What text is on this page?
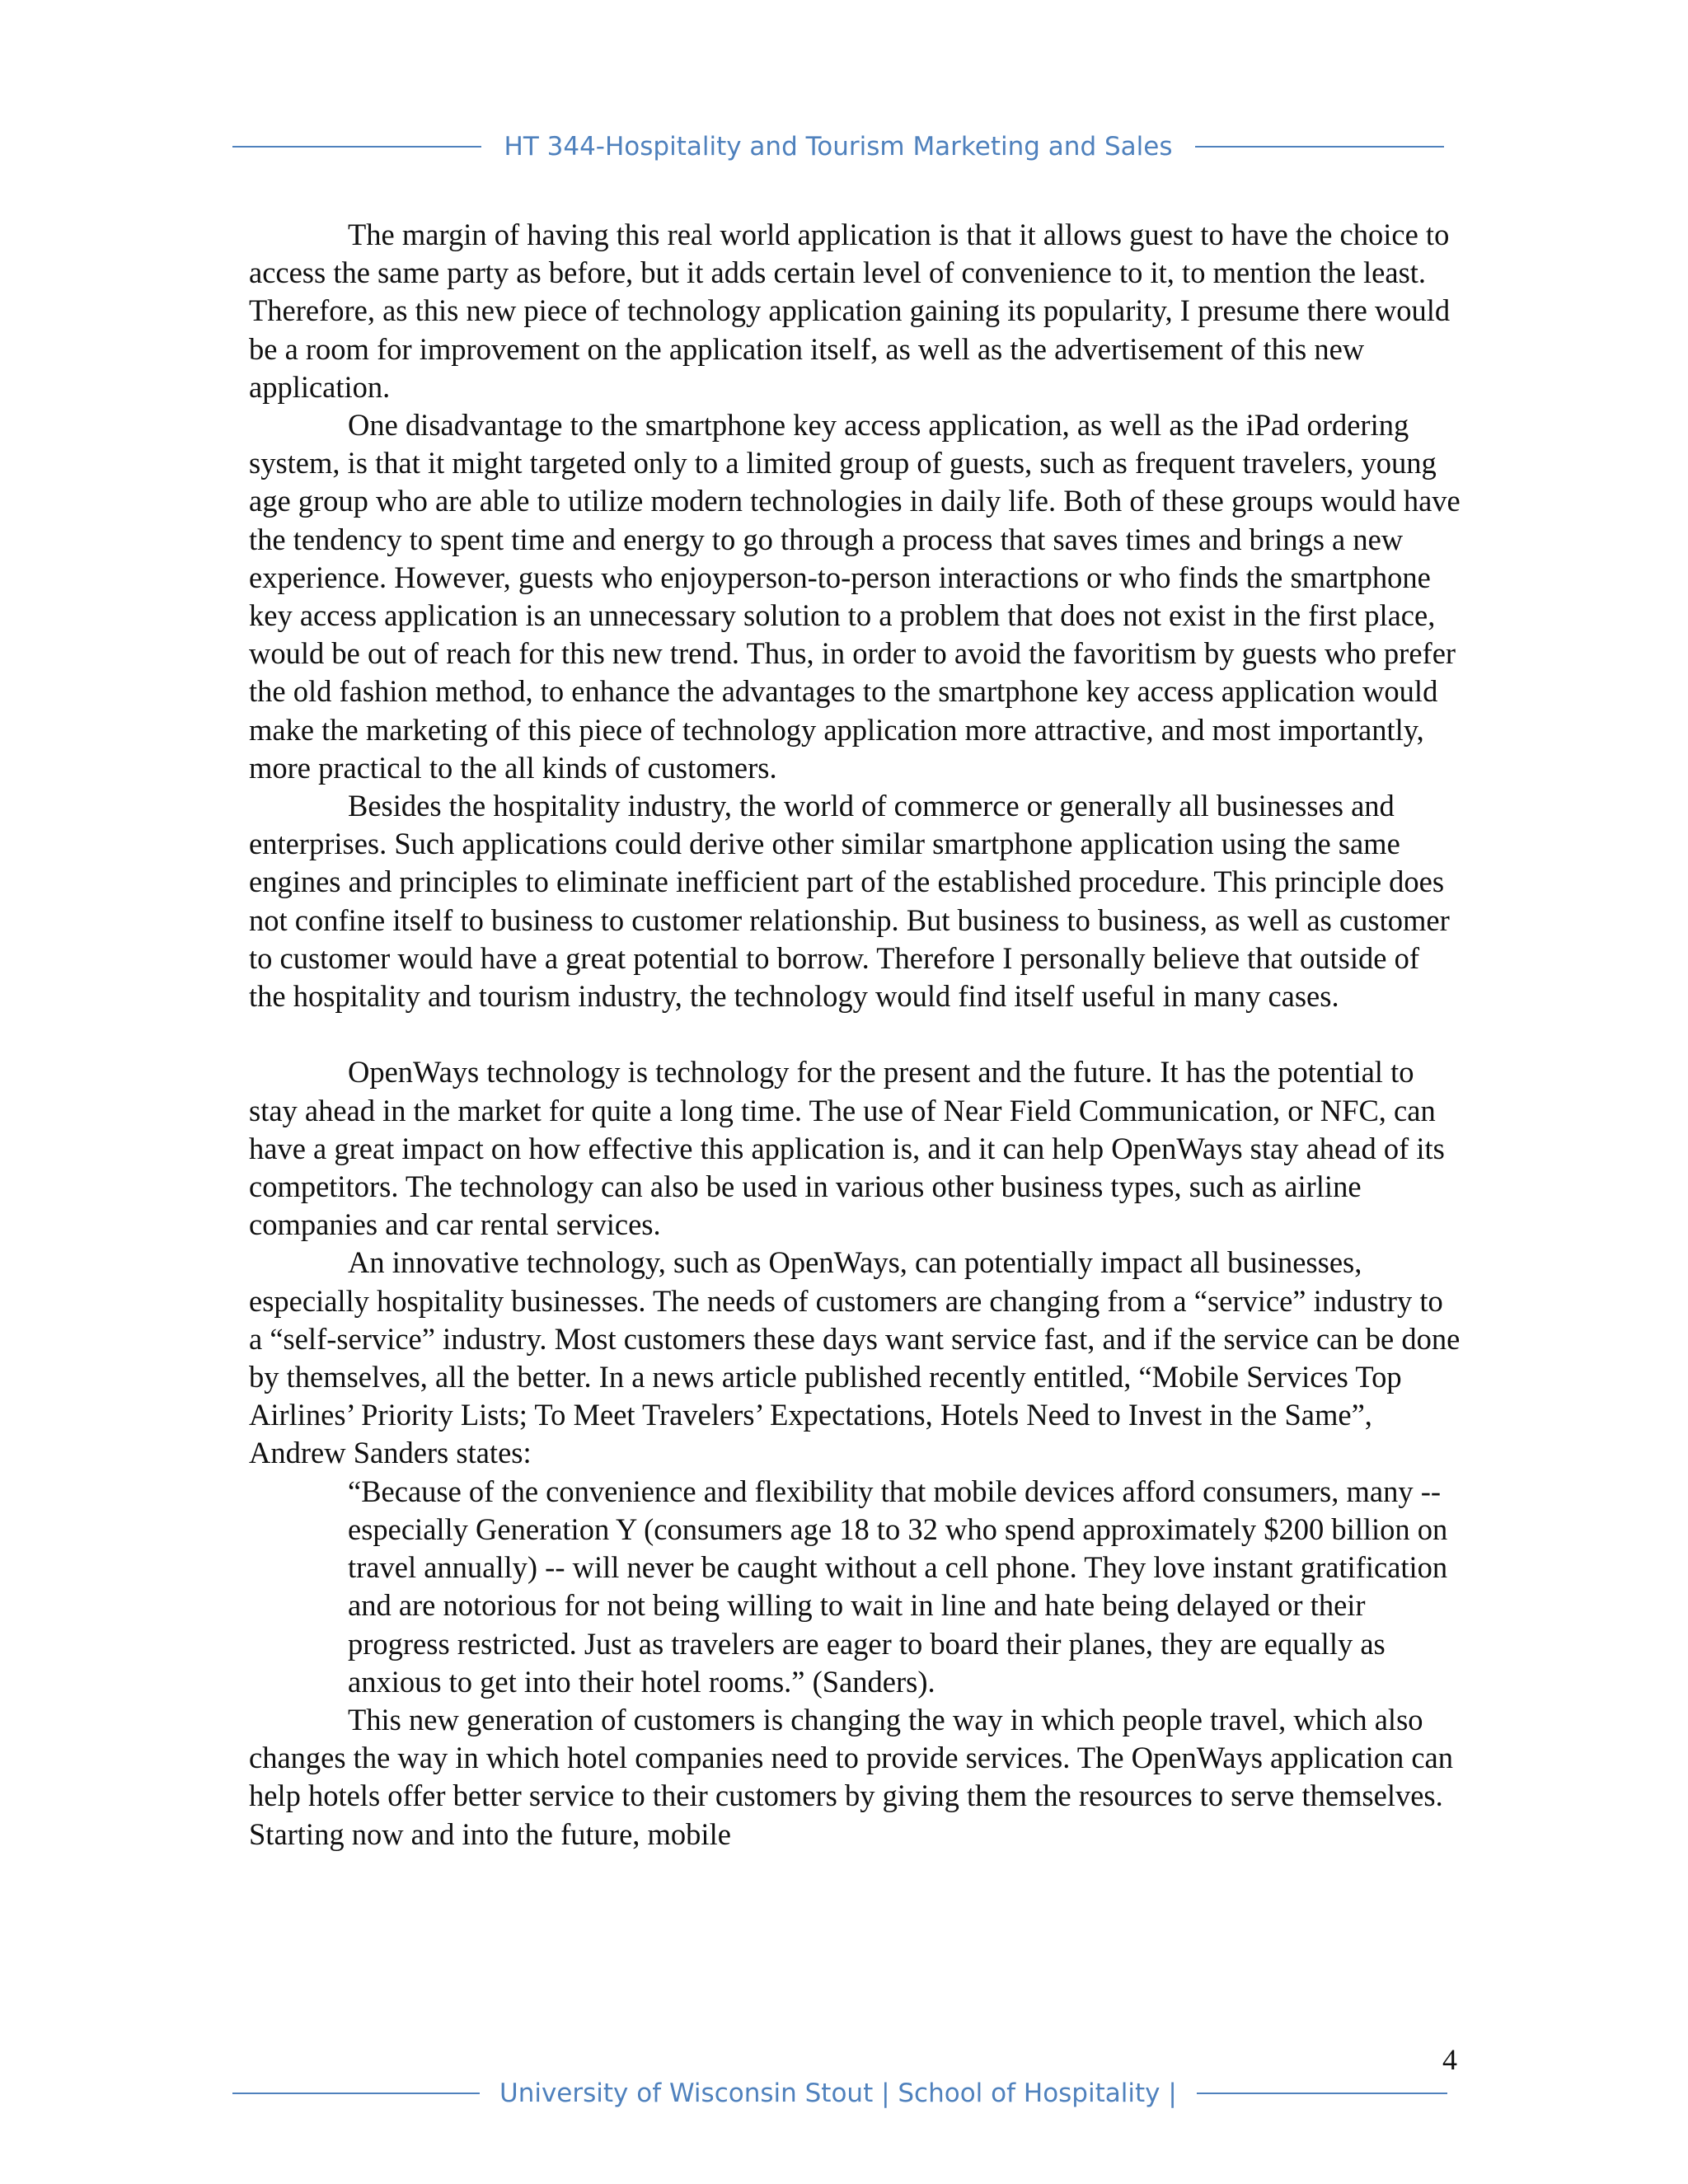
HT 344-Hospitality and Tourism Marketing and Sales

The margin of having this real world application is that it allows guest to have the choice to access the same party as before, but it adds certain level of convenience to it, to mention the least. Therefore, as this new piece of technology application gaining its popularity, I presume there would be a room for improvement on the application itself, as well as the advertisement of this new application.

One disadvantage to the smartphone key access application, as well as the iPad ordering system, is that it might targeted only to a limited group of guests, such as frequent travelers, young age group who are able to utilize modern technologies in daily life. Both of these groups would have the tendency to spent time and energy to go through a process that saves times and brings a new experience. However, guests who enjoyperson-to-person interactions or who finds the smartphone key access application is an unnecessary solution to a problem that does not exist in the first place, would be out of reach for this new trend. Thus, in order to avoid the favoritism by guests who prefer the old fashion method, to enhance the advantages to the smartphone key access application would make the marketing of this piece of technology application more attractive, and most importantly, more practical to the all kinds of customers.

Besides the hospitality industry, the world of commerce or generally all businesses and enterprises. Such applications could derive other similar smartphone application using the same engines and principles to eliminate inefficient part of the established procedure. This principle does not confine itself to business to customer relationship. But business to business, as well as customer to customer would have a great potential to borrow. Therefore I personally believe that outside of the hospitality and tourism industry, the technology would find itself useful in many cases.

OpenWays technology is technology for the present and the future. It has the potential to stay ahead in the market for quite a long time. The use of Near Field Communication, or NFC, can have a great impact on how effective this application is, and it can help OpenWays stay ahead of its competitors. The technology can also be used in various other business types, such as airline companies and car rental services.

An innovative technology, such as OpenWays, can potentially impact all businesses, especially hospitality businesses. The needs of customers are changing from a “service” industry to a “self-service” industry. Most customers these days want service fast, and if the service can be done by themselves, all the better. In a news article published recently entitled, “Mobile Services Top Airlines’ Priority Lists; To Meet Travelers’ Expectations, Hotels Need to Invest in the Same”, Andrew Sanders states:

“Because of the convenience and flexibility that mobile devices afford consumers, many -- especially Generation Y (consumers age 18 to 32 who spend approximately $200 billion on travel annually) -- will never be caught without a cell phone. They love instant gratification and are notorious for not being willing to wait in line and hate being delayed or their progress restricted. Just as travelers are eager to board their planes, they are equally as anxious to get into their hotel rooms.” (Sanders).

This new generation of customers is changing the way in which people travel, which also changes the way in which hotel companies need to provide services. The OpenWays application can help hotels offer better service to their customers by giving them the resources to serve themselves. Starting now and into the future, mobile

4
University of Wisconsin Stout | School of Hospitality |
